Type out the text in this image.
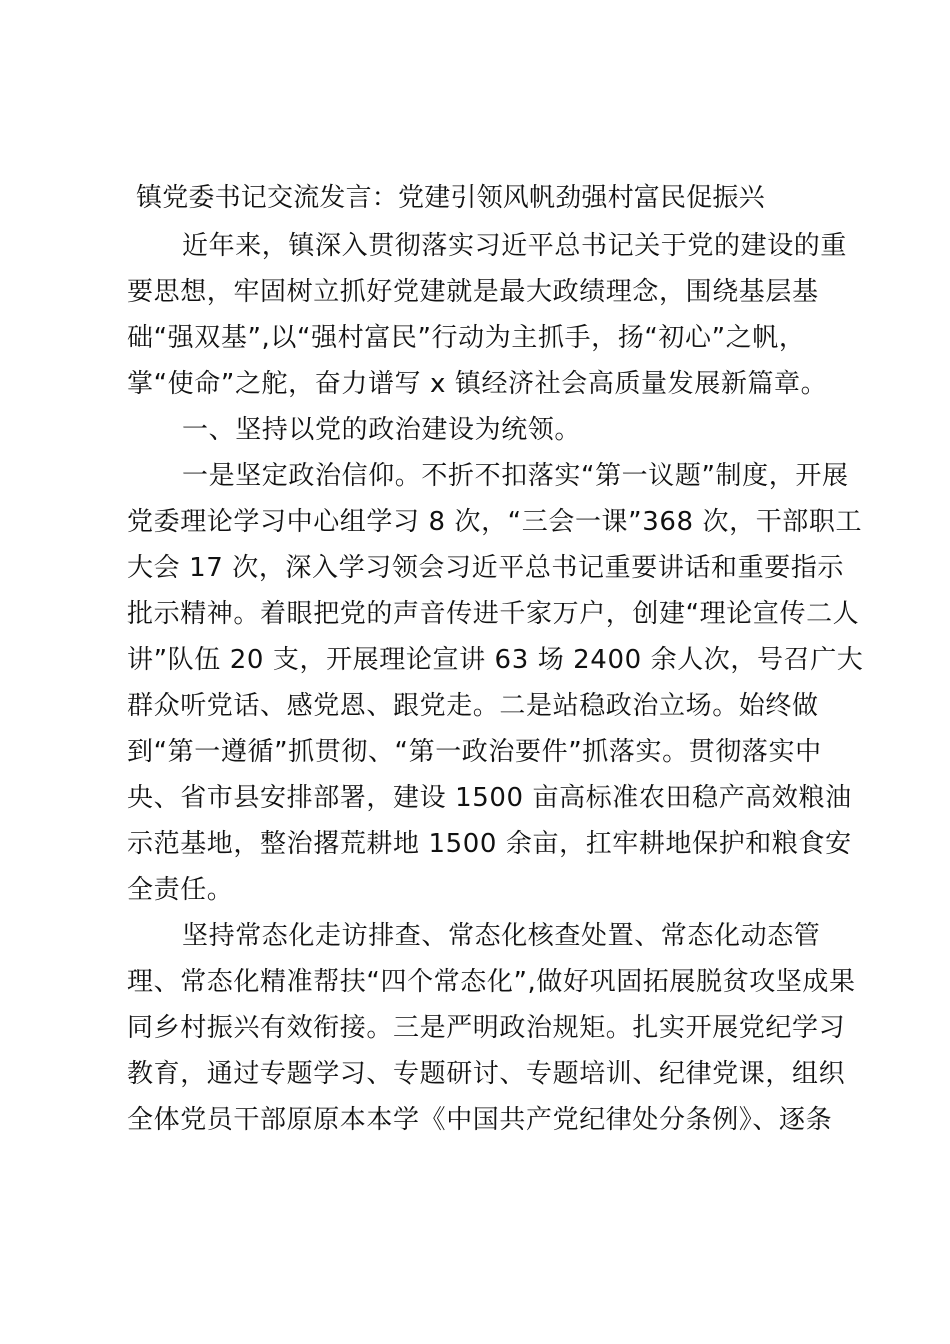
镇党委书记交流发言：党建引领风帆劲强村富民促振兴
近年来，镇深入贯彻落实习近平总书记关于党的建设的重
要思想，牢固树立抓好党建就是最大政绩理念，围绕基层基
础“强双基”,以“强村富民”行动为主抓手，扬“初心”之帆，
掌“使命”之舵，奋力谱写 x 镇经济社会高质量发展新篇章。
一、坚持以党的政治建设为统领。
一是坚定政治信仰。不折不扣落实“第一议题”制度，开展
党委理论学习中心组学习 8 次，“三会一课”368 次，干部职工
大会 17 次，深入学习领会习近平总书记重要讲话和重要指示
批示精神。着眼把党的声音传进千家万户，创建“理论宣传二人
讲”队伍 20 支，开展理论宣讲 63 场 2400 余人次，号召广大
群众听党话、感党恩、跟党走。二是站稳政治立场。始终做
到“第一遵循”抓贯彻、“第一政治要件”抓落实。贯彻落实中
央、省市县安排部署，建设 1500 亩高标准农田稳产高效粮油
示范基地，整治撂荒耕地 1500 余亩，扛牢耕地保护和粮食安
全责任。
坚持常态化走访排查、常态化核查处置、常态化动态管
理、常态化精准帮扶“四个常态化”,做好巩固拓展脱贫攻坚成果
同乡村振兴有效衔接。三是严明政治规矩。扎实开展党纪学习
教育，通过专题学习、专题研讨、专题培训、纪律党课，组织
全体党员干部原原本本学《中国共产党纪律处分条例》、逐条
